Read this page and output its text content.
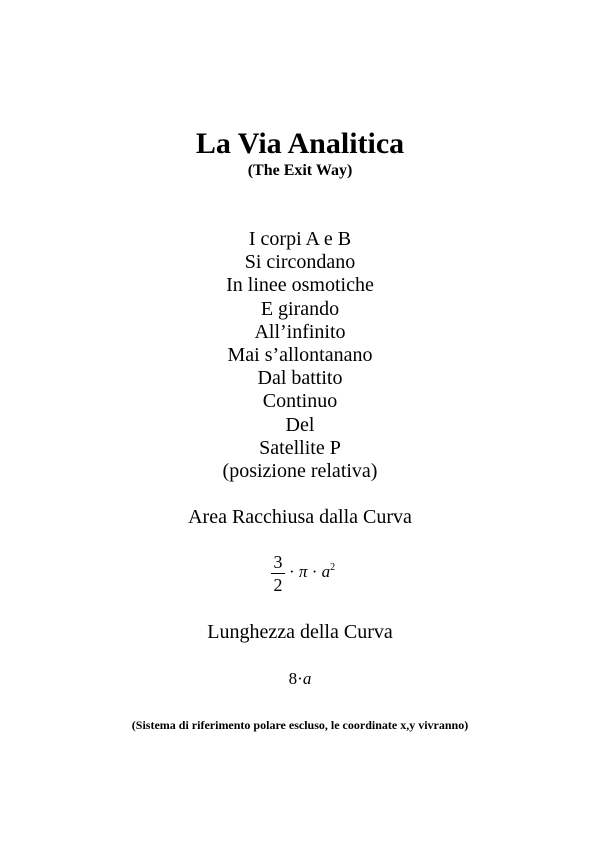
La Via Analitica
(The Exit Way)
I corpi A e B
Si circondano
In linee osmotiche
E girando
All’infinito
Mai s’allontanano
Dal battito
Continuo
Del
Satellite P
(posizione relativa)
Area Racchiusa dalla Curva
3
2
· $\pi \cdot a^2$
Lunghezza della Curva
8·a
(Sistema di riferimento polare escluso, le coordinate x,y vivranno)
